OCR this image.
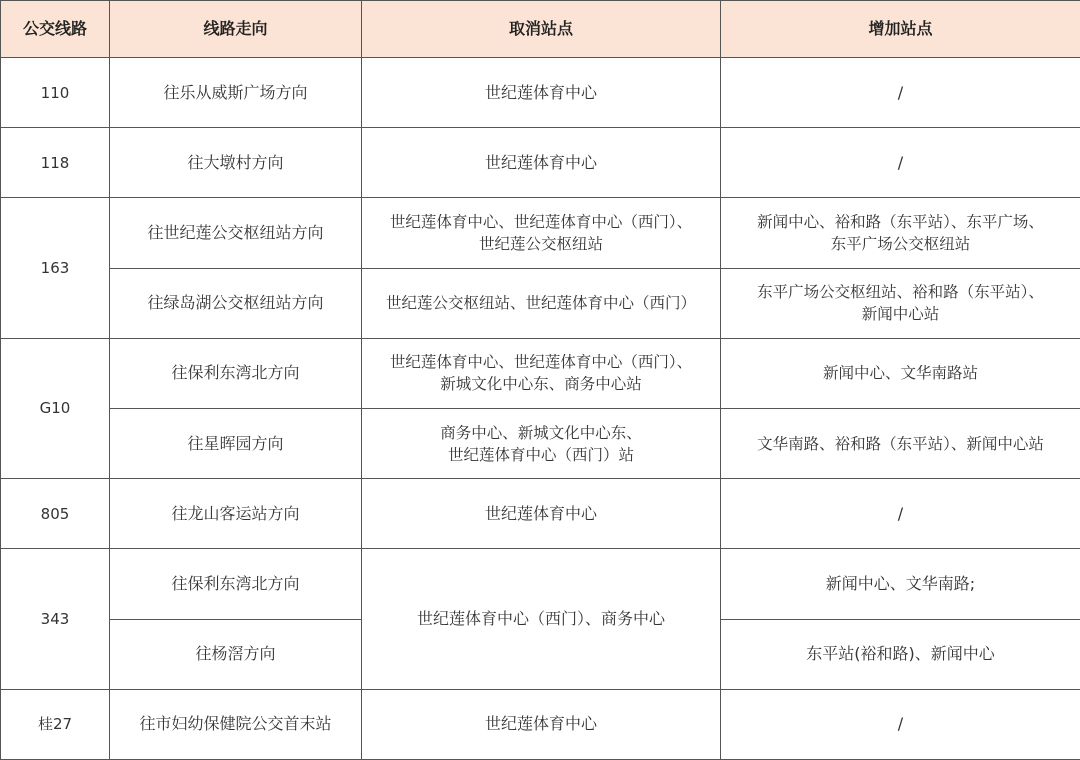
公交线路	线路走向	取消站点	增加站点
110	往乐从威斯广场方向	世纪莲体育中心	/

118	往大墩村方向	世纪莲体育中心	/

163	往世纪莲公交枢纽站方向	世纪莲体育中心、世纪莲体育中心（西门）、
世纪莲公交枢纽站	新闻中心、裕和路（东平站）、东平广场、
东平广场公交枢纽站

	往绿岛湖公交枢纽站方向	世纪莲公交枢纽站、世纪莲体育中心（西门）	东平广场公交枢纽站、裕和路（东平站）、
新闻中心站

G10	往保利东湾北方向	世纪莲体育中心、世纪莲体育中心（西门）、
新城文化中心东、商务中心站	新闻中心、文华南路站

	往星晖园方向	商务中心、新城文化中心东、
世纪莲体育中心（西门）站	文华南路、裕和路（东平站）、新闻中心站

805	往龙山客运站方向	世纪莲体育中心	/

343	往保利东湾北方向	世纪莲体育中心（西门）、商务中心	新闻中心、文华南路;

	往杨滘方向		东平站(裕和路)、新闻中心

桂27	往市妇幼保健院公交首末站	世纪莲体育中心	/
